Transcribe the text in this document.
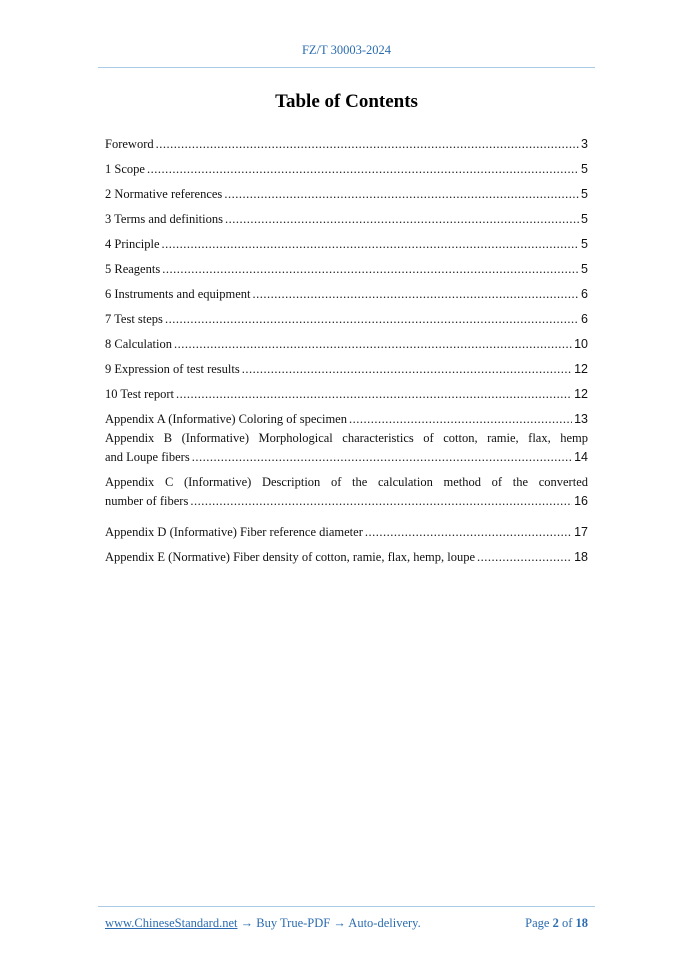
FZ/T 30003-2024
Table of Contents
Foreword .....	3
1 Scope .....	5
2 Normative references .....	5
3 Terms and definitions .....	5
4 Principle .....	5
5 Reagents .....	5
6 Instruments and equipment .....	6
7 Test steps .....	6
8 Calculation .....	10
9 Expression of test results .....	12
10 Test report .....	12
Appendix A (Informative) Coloring of specimen .....	13
Appendix B (Informative) Morphological characteristics of cotton, ramie, flax, hemp
and Loupe fibers .....	14
Appendix C (Informative) Description of the calculation method of the converted
number of fibers .....	16
Appendix D (Informative) Fiber reference diameter .....	17
Appendix E (Normative) Fiber density of cotton, ramie, flax, hemp, loupe .....	18
www.ChineseStandard.net → Buy True-PDF → Auto-delivery.	Page 2 of 18
